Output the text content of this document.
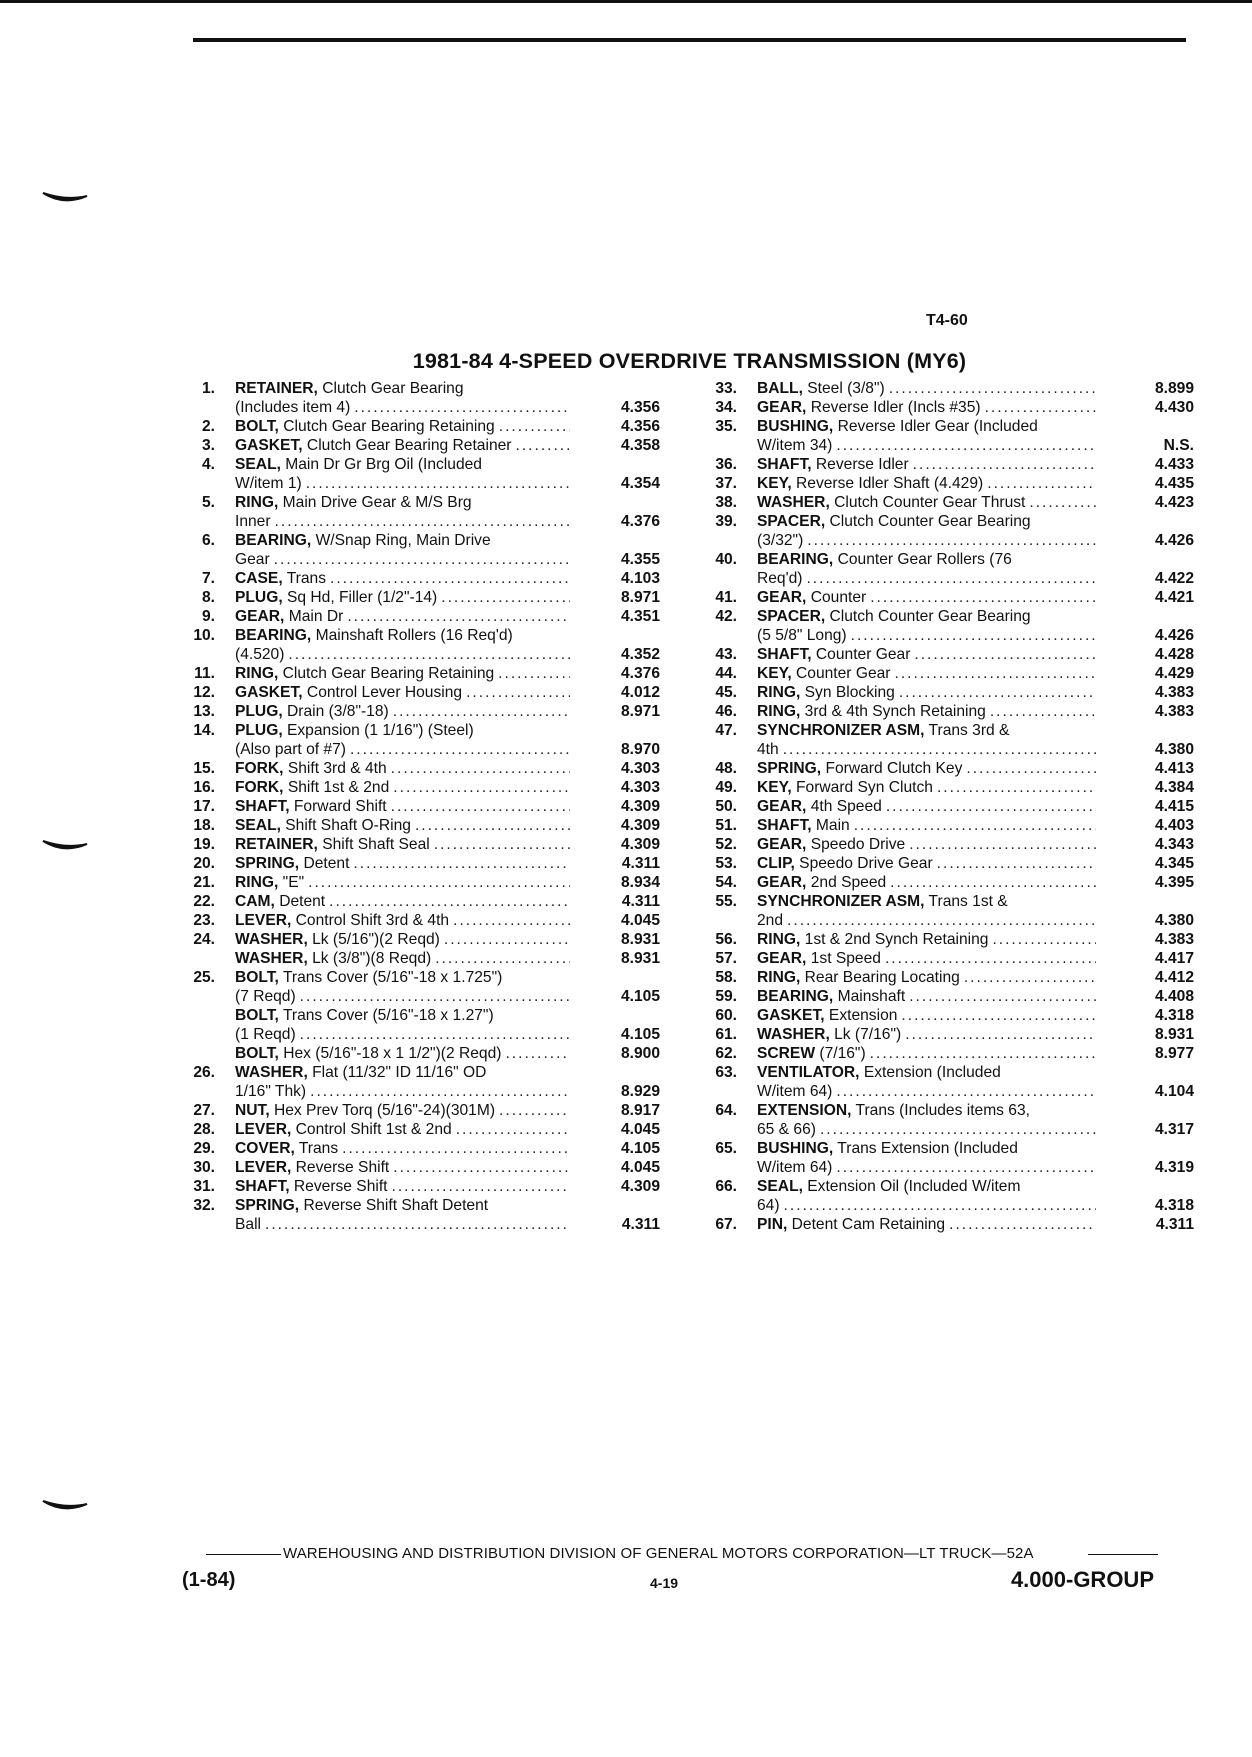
T4-60
1981-84 4-SPEED OVERDRIVE TRANSMISSION (MY6)
1. RETAINER, Clutch Gear Bearing
(Includes item 4) .....	4.356
2. BOLT, Clutch Gear Bearing Retaining .....	4.356
3. GASKET, Clutch Gear Bearing Retainer .....	4.358
4. SEAL, Main Dr Gr Brg Oil (Included
W/item 1) .....	4.354
5. RING, Main Drive Gear & M/S Brg
Inner .....	4.376
6. BEARING, W/Snap Ring, Main Drive
Gear .....	4.355
7. CASE, Trans .....	4.103
8. PLUG, Sq Hd, Filler (1/2"-14) .....	8.971
9. GEAR, Main Dr .....	4.351
10. BEARING, Mainshaft Rollers (16 Req'd)
(4.520) .....	4.352
11. RING, Clutch Gear Bearing Retaining .....	4.376
12. GASKET, Control Lever Housing .....	4.012
13. PLUG, Drain (3/8"-18) .....	8.971
14. PLUG, Expansion (1 1/16") (Steel)
(Also part of #7) .....	8.970
15. FORK, Shift 3rd & 4th .....	4.303
16. FORK, Shift 1st & 2nd .....	4.303
17. SHAFT, Forward Shift .....	4.309
18. SEAL, Shift Shaft O-Ring .....	4.309
19. RETAINER, Shift Shaft Seal .....	4.309
20. SPRING, Detent .....	4.311
21. RING, "E" .....	8.934
22. CAM, Detent .....	4.311
23. LEVER, Control Shift 3rd & 4th .....	4.045
24. WASHER, Lk (5/16")(2 Reqd) .....	8.931
WASHER, Lk (3/8")(8 Reqd) .....	8.931
25. BOLT, Trans Cover (5/16"-18 x 1.725")
(7 Reqd) .....	4.105
BOLT, Trans Cover (5/16"-18 x 1.27")
(1 Reqd) .....	4.105
BOLT, Hex (5/16"-18 x 1 1/2")(2 Reqd) .....	8.900
26. WASHER, Flat (11/32" ID 11/16" OD
1/16" Thk) .....	8.929
27. NUT, Hex Prev Torq (5/16"-24)(301M) .....	8.917
28. LEVER, Control Shift 1st & 2nd .....	4.045
29. COVER, Trans .....	4.105
30. LEVER, Reverse Shift .....	4.045
31. SHAFT, Reverse Shift .....	4.309
32. SPRING, Reverse Shift Shaft Detent
Ball .....	4.311
33. BALL, Steel (3/8") .....	8.899
34. GEAR, Reverse Idler (Incls #35) .....	4.430
35. BUSHING, Reverse Idler Gear (Included
W/item 34) .....	N.S.
36. SHAFT, Reverse Idler .....	4.433
37. KEY, Reverse Idler Shaft (4.429) .....	4.435
38. WASHER, Clutch Counter Gear Thrust .....	4.423
39. SPACER, Clutch Counter Gear Bearing
(3/32") .....	4.426
40. BEARING, Counter Gear Rollers (76
Req'd) .....	4.422
41. GEAR, Counter .....	4.421
42. SPACER, Clutch Counter Gear Bearing
(5 5/8" Long) .....	4.426
43. SHAFT, Counter Gear .....	4.428
44. KEY, Counter Gear .....	4.429
45. RING, Syn Blocking .....	4.383
46. RING, 3rd & 4th Synch Retaining .....	4.383
47. SYNCHRONIZER ASM, Trans 3rd &
4th .....	4.380
48. SPRING, Forward Clutch Key .....	4.413
49. KEY, Forward Syn Clutch .....	4.384
50. GEAR, 4th Speed .....	4.415
51. SHAFT, Main .....	4.403
52. GEAR, Speedo Drive .....	4.343
53. CLIP, Speedo Drive Gear .....	4.345
54. GEAR, 2nd Speed .....	4.395
55. SYNCHRONIZER ASM, Trans 1st &
2nd .....	4.380
56. RING, 1st & 2nd Synch Retaining .....	4.383
57. GEAR, 1st Speed .....	4.417
58. RING, Rear Bearing Locating .....	4.412
59. BEARING, Mainshaft .....	4.408
60. GASKET, Extension .....	4.318
61. WASHER, Lk (7/16") .....	8.931
62. SCREW (7/16") .....	8.977
63. VENTILATOR, Extension (Included
W/item 64) .....	4.104
64. EXTENSION, Trans (Includes items 63,
65 & 66) .....	4.317
65. BUSHING, Trans Extension (Included
W/item 64) .....	4.319
66. SEAL, Extension Oil (Included W/item
64) .....	4.318
67. PIN, Detent Cam Retaining .....	4.311
WAREHOUSING AND DISTRIBUTION DIVISION OF GENERAL MOTORS CORPORATION—LT TRUCK—52A
(1-84)	4-19	4.000-GROUP
